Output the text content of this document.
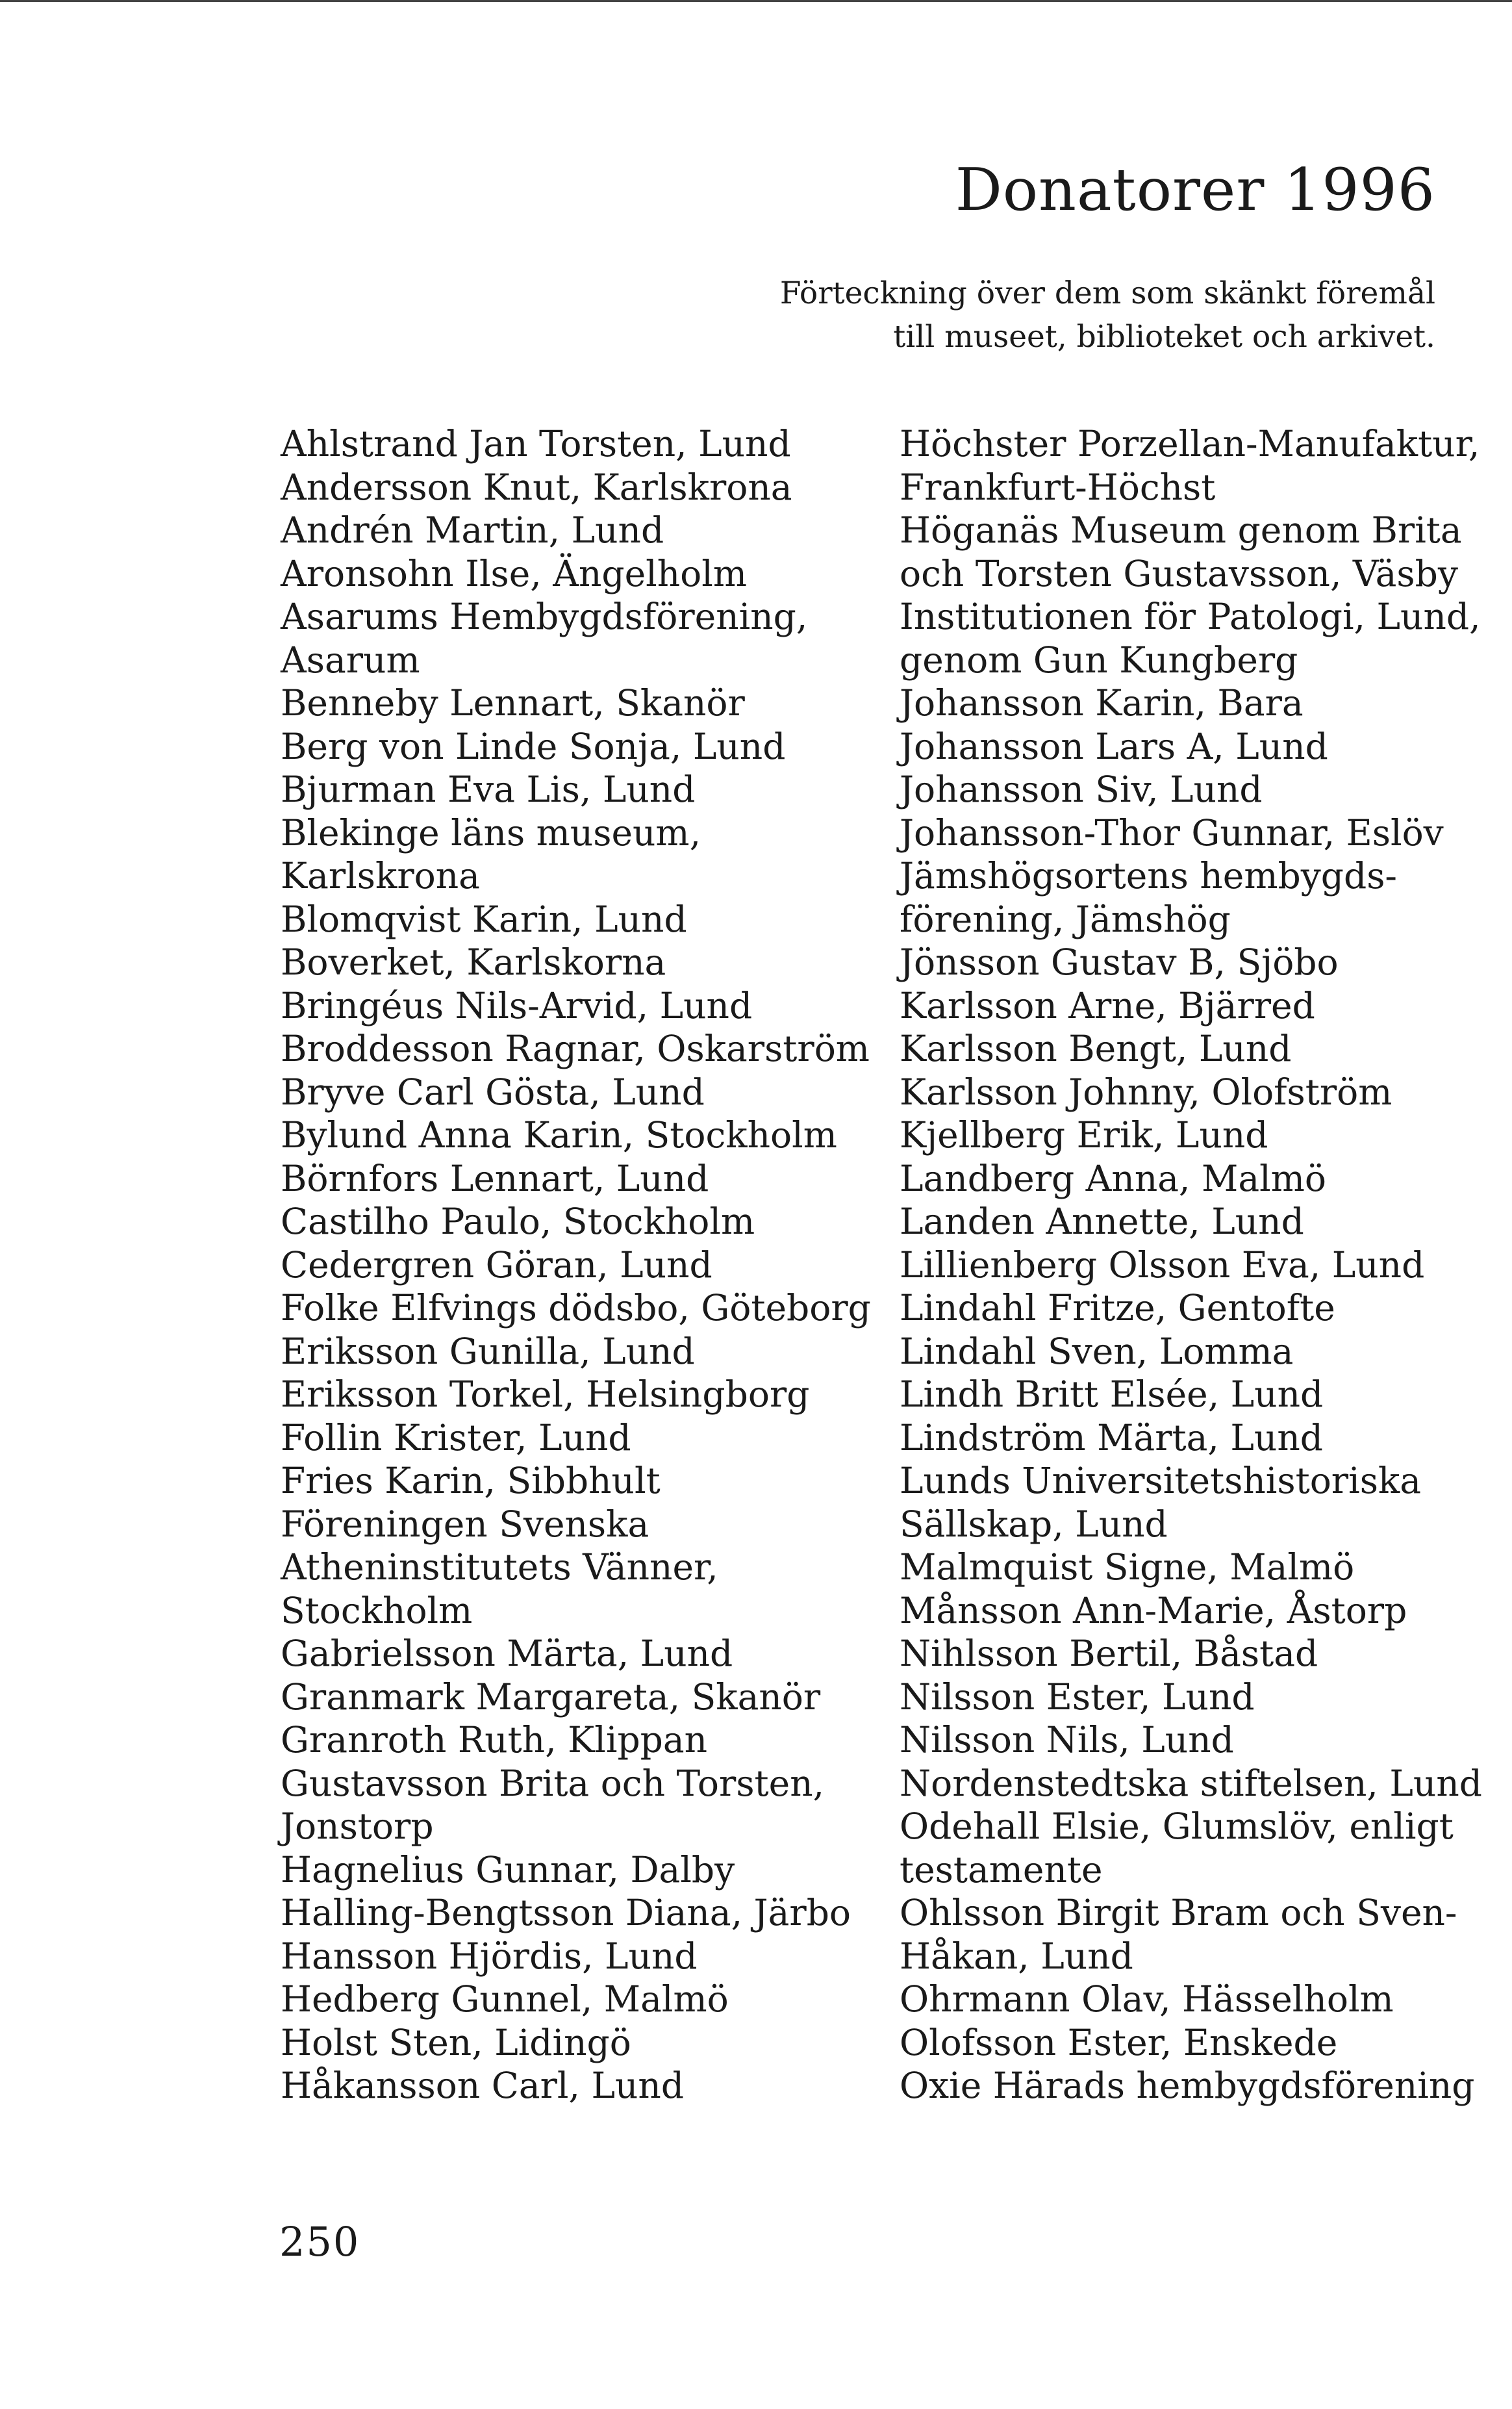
Donatorer 1996
Förteckning över dem som skänkt föremål
till museet, biblioteket och arkivet.
Ahlstrand Jan Torsten, Lund
Andersson Knut, Karlskrona
Andrén Martin, Lund
Aronsohn Ilse, Ängelholm
Asarums Hembygdsförening,
Asarum
Benneby Lennart, Skanör
Berg von Linde Sonja, Lund
Bjurman Eva Lis, Lund
Blekinge läns museum,
Karlskrona
Blomqvist Karin, Lund
Boverket, Karlskorna
Bringéus Nils-Arvid, Lund
Broddesson Ragnar, Oskarström
Bryve Carl Gösta, Lund
Bylund Anna Karin, Stockholm
Börnfors Lennart, Lund
Castilho Paulo, Stockholm
Cedergren Göran, Lund
Folke Elfvings dödsbo, Göteborg
Eriksson Gunilla, Lund
Eriksson Torkel, Helsingborg
Follin Krister, Lund
Fries Karin, Sibbhult
Föreningen Svenska
Atheninstitutets Vänner,
Stockholm
Gabrielsson Märta, Lund
Granmark Margareta, Skanör
Granroth Ruth, Klippan
Gustavsson Brita och Torsten,
Jonstorp
Hagnelius Gunnar, Dalby
Halling-Bengtsson Diana, Järbo
Hansson Hjördis, Lund
Hedberg Gunnel, Malmö
Holst Sten, Lidingö
Håkansson Carl, Lund
Höchster Porzellan-Manufaktur,
Frankfurt-Höchst
Höganäs Museum genom Brita
och Torsten Gustavsson, Väsby
Institutionen för Patologi, Lund,
genom Gun Kungberg
Johansson Karin, Bara
Johansson Lars A, Lund
Johansson Siv, Lund
Johansson-Thor Gunnar, Eslöv
Jämshögsortens hembygds-
förening, Jämshög
Jönsson Gustav B, Sjöbo
Karlsson Arne, Bjärred
Karlsson Bengt, Lund
Karlsson Johnny, Olofström
Kjellberg Erik, Lund
Landberg Anna, Malmö
Landen Annette, Lund
Lillienberg Olsson Eva, Lund
Lindahl Fritze, Gentofte
Lindahl Sven, Lomma
Lindh Britt Elsée, Lund
Lindström Märta, Lund
Lunds Universitetshistoriska
Sällskap, Lund
Malmquist Signe, Malmö
Månsson Ann-Marie, Åstorp
Nihlsson Bertil, Båstad
Nilsson Ester, Lund
Nilsson Nils, Lund
Nordenstedtska stiftelsen, Lund
Odehall Elsie, Glumslöv, enligt
testamente
Ohlsson Birgit Bram och Sven-
Håkan, Lund
Ohrmann Olav, Hässelholm
Olofsson Ester, Enskede
Oxie Härads hembygdsförening
250
